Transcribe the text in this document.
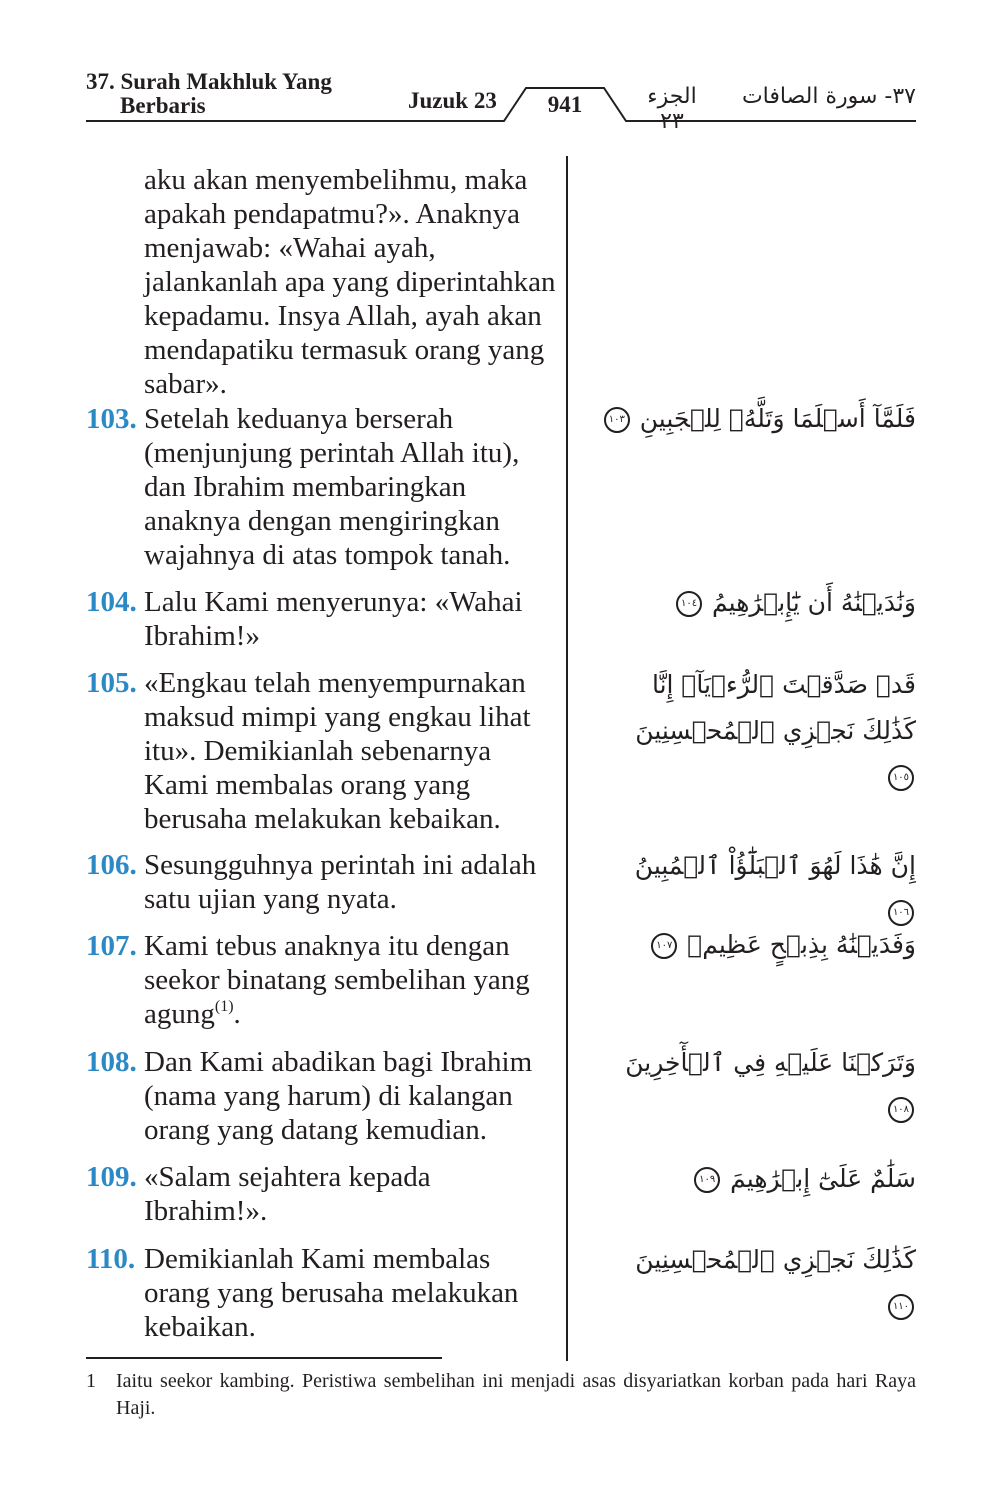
37. Surah Makhluk Yang
Berbaris	Juzuk 23	941	الجزء ٢٣
٣٧- سورة الصافات
aku akan menyembelihmu, maka apakah pendapatmu?». Anaknya menjawab: «Wahai ayah, jalankanlah apa yang diperintahkan kepadamu. Insya Allah, ayah akan mendapatiku termasuk orang yang sabar».
103. Setelah keduanya berserah (menjunjung perintah Allah itu), dan Ibrahim membaringkan anaknya dengan mengiringkan wajahnya di atas tompok tanah.
104. Lalu Kami menyerunya: «Wahai Ibrahim!»
105. «Engkau telah menyempurnakan maksud mimpi yang engkau lihat itu». Demikianlah sebenarnya Kami membalas orang yang berusaha melakukan kebaikan.
106. Sesungguhnya perintah ini adalah satu ujian yang nyata.
107. Kami tebus anaknya itu dengan seekor binatang sembelihan yang agung$^{(1)}$.
108. Dan Kami abadikan bagi Ibrahim (nama yang harum) di kalangan orang yang datang kemudian.
109. «Salam sejahtera kepada Ibrahim!».
110. Demikianlah Kami membalas orang yang berusaha melakukan kebaikan.
فَلَمَّآ أَسۡلَمَا وَتَلَّهُۥ لِلۡجَبِينِ ١٠٣
وَنَٰدَيۡنَٰهُ أَن يَٰٓإِبۡرَٰهِيمُ ١٠٤
قَدۡ صَدَّقۡتَ ٱلرُّءۡيَآۚ إِنَّا كَذَٰلِكَ نَجۡزِي ٱلۡمُحۡسِنِينَ ١٠٥
إِنَّ هَٰذَا لَهُوَ ٱلۡبَلَٰٓؤُاْ ٱلۡمُبِينُ ١٠٦
وَفَدَيۡنَٰهُ بِذِبۡحٍ عَظِيمٖ ١٠٧
وَتَرَكۡنَا عَلَيۡهِ فِي ٱلۡأٓخِرِينَ ١٠٨
سَلَٰمٌ عَلَىٰٓ إِبۡرَٰهِيمَ ١٠٩
كَذَٰلِكَ نَجۡزِي ٱلۡمُحۡسِنِينَ ١١٠
1 Iaitu seekor kambing. Peristiwa sembelihan ini menjadi asas disyariatkan korban pada hari Raya Haji.
